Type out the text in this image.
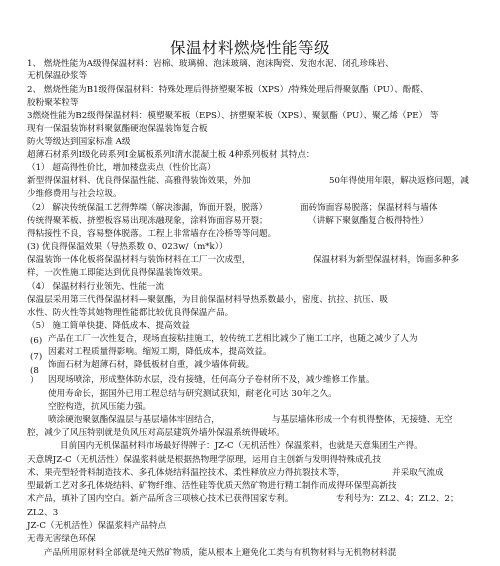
保温材料燃烧性能等级
1、 燃烧性能为A级得保温材料：岩棉、玻璃棉、泡沫玻璃、泡沫陶瓷、发泡水泥、闭孔珍珠岩、
无机保温砂浆等
2、 燃烧性能为B1级得保温材料：特殊处理后得挤塑聚苯板（XPS）/特殊处理后得聚氨酯（PU）、酚醛、
胶粉聚苯粒等
3燃烧性能为B2级得保温材料：模塑聚苯板（EPS）、挤塑聚苯板（XPS）、聚氨酯（PU）、聚乙烯（PE） 等
现有一保温装饰材料聚氨酯硬泡保温装饰复合板
防火等级达到国家标准 A级
超薄石材系列Ⅰ级化砖系列Ⅰ金属板系列Ⅰ清水混凝土板 4种系列板材 其特点：
（1） 超高得性价比，增加楼盘卖点（性价比高）
新型得保温材料、优良得保温性能、高雅得装饰效果，外加	50年得使用年限，解决返修问题，减
少维修费用与社会垃圾。
（2） 解决传统保温工艺得弊端（解决渗漏，饰面开裂，脱落）	面砖饰面容易脱落；保温材料与墙体
传统得聚苯板、挤塑板容易出现冻融现象，涂料饰面容易开裂；	（讲解下聚氨酯复合板得特性）
得粘接性不良，容易整体脱落。工程上非常墙存在冷桥等等问题。
(3) 优良得保温效果（导热系数 0、023w/（m*k））
保温装饰一体化板将保温材料与装饰材料在工厂一次成型，	保温材料为新型保温材料，饰面多种多
样，一次性施工即能达到优良得保温装饰效果。
（4） 保温材料行业领先、性能一流
保温层采用第三代得保温材料—聚氨酯，为目前保温材料导热系数最小，密度、抗拉、抗压、吸
水性、防火性等其她物理性能都比较优良得保温产品。
（5） 施工简单快捷、降低成本、提高效益
(6) 产品在工厂一次性复合，现场直接粘挂施工，较传统工艺相比减少了施工工序，也随之减少了人为
因素对工程质量得影响。缩短工期，降低成本，提高效益。
(7)
饰面石材为超薄石材，降低板材自重，减少墙体荷载。
(8
） 因现场喷涂，形成整体防水层，没有接缝，任何高分子卷材所不及，减少维修工作量。
使用寿命长，据国外已用工程总结与研究测试获知，耐老化可达 30年之久。
空腔构造，抗风压能力强。
喷涂硬泡聚氨酯保温层与基层墙体牢固结合，	与基层墙体形成一个有机得整体，无接缝、无空
腔，减少了风压特别就是负风压对高层建筑外墙外保温系统得破坏。
目前国内无机保温材料市场最好得牌子：JZ-C（无机活性）保温浆料，也就是天意集团生产得。
天意牌JZ-C（无机活性）保温浆料就是根据热物理学原理，运用自主创新与发明得特殊成孔技
术、果壳型轻骨料制造技术、多孔体烧结料温控技术、柔性释放应力得抗裂技术等，	并采取气流成
型最新工艺对多孔体烧结料、矿物纤维、活性硅等优质天然矿物进行精工制作而成得环保型高新技
术产品，填补了国内空白。新产品所含三项核心技术已获得国家专利。	专利号为：ZL2、4；ZL2、2；
ZL2、3
JZ-C（无机活性）保温浆料产品特点
无毒无害绿色环保
产品所用原材料全部就是纯天然矿物质，能从根本上避免化工类与有机物材料与无机物材料混
